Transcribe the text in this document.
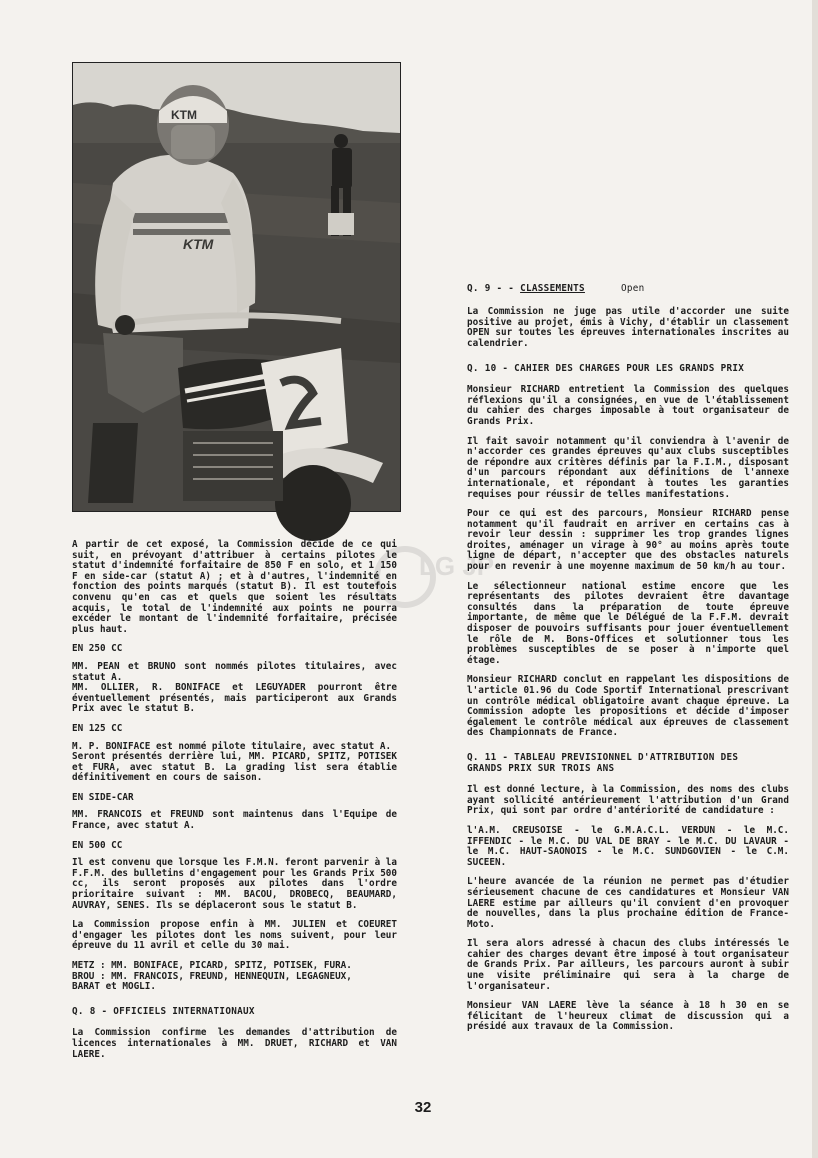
KTM
KTM
LG JP

A partir de cet exposé, la Commission décide de ce qui suit, en prévoyant d'attribuer à certains pilotes le statut d'indemnité forfaitaire de 850 F en solo, et 1 150 F en side-car (statut A) ; et à d'autres, l'indemnité en fonction des points marqués (statut B). Il est toutefois convenu qu'en cas et quels que soient les résultats acquis, le total de l'indemnité aux points ne pourra excéder le montant de l'indemnité forfaitaire, précisée plus haut.

EN 250 CC

MM. PEAN et BRUNO sont nommés pilotes titulaires, avec statut A.
MM. OLLIER, R. BONIFACE et LEGUYADER pourront être éventuellement présentés, mais participeront aux Grands Prix avec le statut B.

EN 125 CC

M. P. BONIFACE est nommé pilote titulaire, avec statut A.
Seront présentés derrière lui, MM. PICARD, SPITZ, POTISEK et FURA, avec statut B. La grading list sera établie définitivement en cours de saison.

EN SIDE-CAR

MM. FRANCOIS et FREUND sont maintenus dans l'Equipe de France, avec statut A.

EN 500 CC

Il est convenu que lorsque les F.M.N. feront parvenir à la F.F.M. des bulletins d'engagement pour les Grands Prix 500 cc, ils seront proposés aux pilotes dans l'ordre prioritaire suivant : MM. BACOU, DROBECQ, BEAUMARD, AUVRAY, SENES. Ils se déplaceront sous le statut B.

La Commission propose enfin à MM. JULIEN et COEURET d'engager les pilotes dont les noms suivent, pour leur épreuve du 11 avril et celle du 30 mai.

METZ : MM. BONIFACE, PICARD, SPITZ, POTISEK, FURA.
BROU : MM. FRANCOIS, FREUND, HENNEQUIN, LEGAGNEUX,
BARAT et MOGLI.

Q. 8 - OFFICIELS INTERNATIONAUX

La Commission confirme les demandes d'attribution de licences internationales à MM. DRUET, RICHARD et VAN LAERE.

Q. 9 - - CLASSEMENTS	Open

La Commission ne juge pas utile d'accorder une suite positive au projet, émis à Vichy, d'établir un classement OPEN sur toutes les épreuves internationales inscrites au calendrier.

Q. 10 - CAHIER DES CHARGES POUR LES GRANDS PRIX

Monsieur RICHARD entretient la Commission des quelques réflexions qu'il a consignées, en vue de l'établissement du cahier des charges imposable à tout organisateur de Grands Prix.

Il fait savoir notamment qu'il conviendra à l'avenir de n'accorder ces grandes épreuves qu'aux clubs susceptibles de répondre aux critères définis par la F.I.M., disposant d'un parcours répondant aux définitions de l'annexe internationale, et répondant à toutes les garanties requises pour réussir de telles manifestations.

Pour ce qui est des parcours, Monsieur RICHARD pense notamment qu'il faudrait en arriver en certains cas à revoir leur dessin : supprimer les trop grandes lignes droites, aménager un virage à 90° au moins après toute ligne de départ, n'accepter que des obstacles naturels pour en revenir à une moyenne maximum de 50 km/h au tour.

Le sélectionneur national estime encore que les représentants des pilotes devraient être davantage consultés dans la préparation de toute épreuve importante, de même que le Délégué de la F.F.M. devrait disposer de pouvoirs suffisants pour jouer éventuellement le rôle de M. Bons-Offices et solutionner tous les problèmes susceptibles de se poser à n'importe quel étage.

Monsieur RICHARD conclut en rappelant les dispositions de l'article 01.96 du Code Sportif International prescrivant un contrôle médical obligatoire avant chaque épreuve. La Commission adopte les propositions et décide d'imposer également le contrôle médical aux épreuves de classement des Championnats de France.

Q. 11 - TABLEAU PREVISIONNEL D'ATTRIBUTION DES
GRANDS PRIX SUR TROIS ANS

Il est donné lecture, à la Commission, des noms des clubs ayant sollicité antérieurement l'attribution d'un Grand Prix, qui sont par ordre d'antériorité de candidature :

l'A.M. CREUSOISE - le G.M.A.C.L. VERDUN - le M.C. IFFENDIC - le M.C. DU VAL DE BRAY - le M.C. DU LAVAUR - le M.C. HAUT-SAONOIS - le M.C. SUNDGOVIEN - le C.M. SUCEEN.

L'heure avancée de la réunion ne permet pas d'étudier sérieusement chacune de ces candidatures et Monsieur VAN LAERE estime par ailleurs qu'il convient d'en provoquer de nouvelles, dans la plus prochaine édition de France-Moto.

Il sera alors adressé à chacun des clubs intéressés le cahier des charges devant être imposé à tout organisateur de Grands Prix. Par ailleurs, les parcours auront à subir une visite préliminaire qui sera à la charge de l'organisateur.

Monsieur VAN LAERE lève la séance à 18 h 30 en se félicitant de l'heureux climat de discussion qui a présidé aux travaux de la Commission.

32
